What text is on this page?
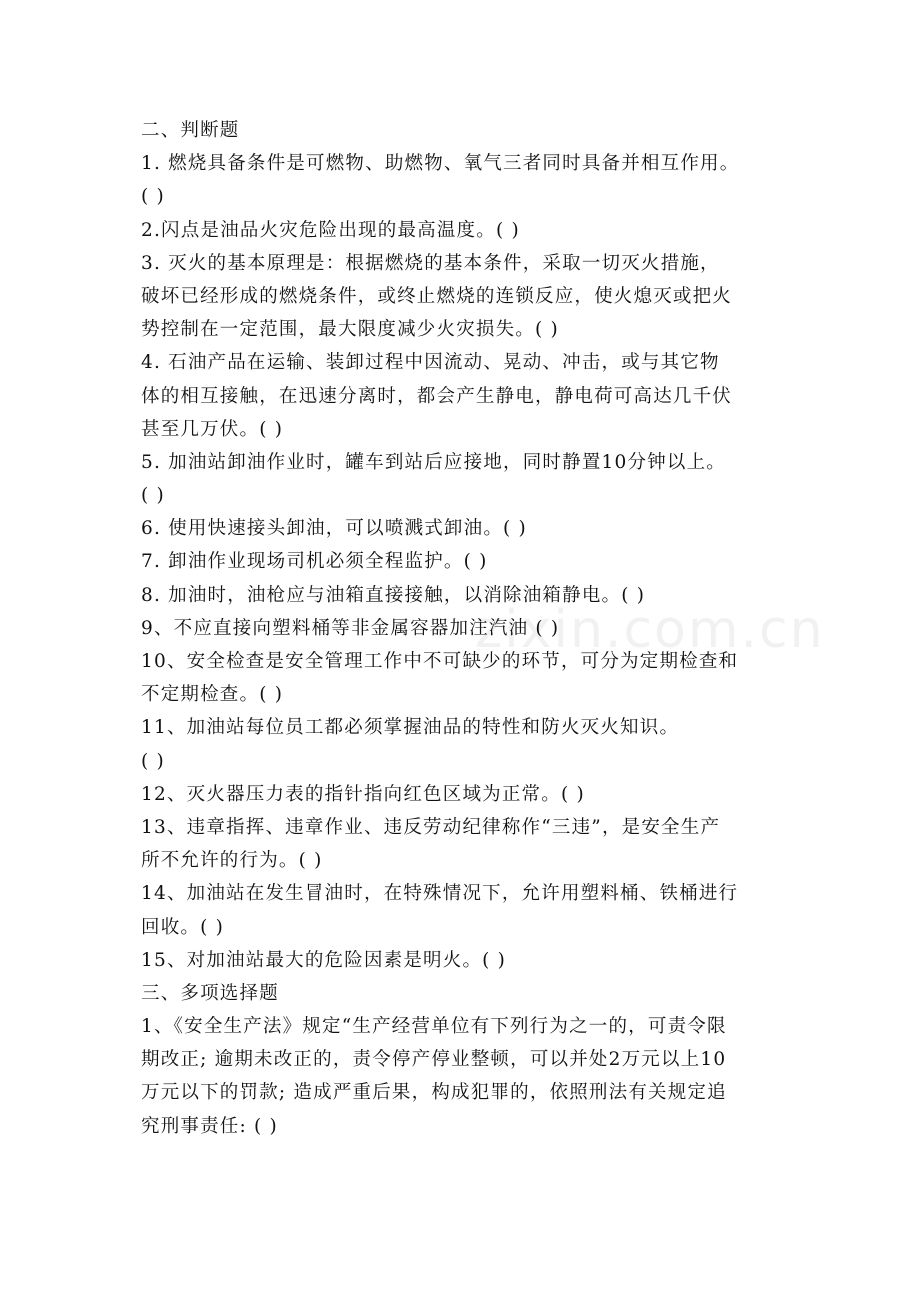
zixin.com.cn
二、判断题
1. 燃烧具备条件是可燃物、助燃物、氧气三者同时具备并相互作用。
( )
2.闪点是油品火灾危险出现的最高温度。( )
3. 灭火的基本原理是：根据燃烧的基本条件，采取一切灭火措施，
破坏已经形成的燃烧条件，或终止燃烧的连锁反应，使火熄灭或把火
势控制在一定范围，最大限度减少火灾损失。( )
4. 石油产品在运输、装卸过程中因流动、晃动、冲击，或与其它物
体的相互接触，在迅速分离时，都会产生静电，静电荷可高达几千伏
甚至几万伏。( )
5. 加油站卸油作业时，罐车到站后应接地，同时静置10分钟以上。
( )
6. 使用快速接头卸油，可以喷溅式卸油。( )
7. 卸油作业现场司机必须全程监护。( )
8. 加油时，油枪应与油箱直接接触，以消除油箱静电。( )
9、不应直接向塑料桶等非金属容器加注汽油 ( )
10、安全检查是安全管理工作中不可缺少的环节，可分为定期检查和
不定期检查。( )
11、加油站每位员工都必须掌握油品的特性和防火灭火知识。
( )
12、灭火器压力表的指针指向红色区域为正常。( )
13、违章指挥、违章作业、违反劳动纪律称作“三违”，是安全生产
所不允许的行为。( )
14、加油站在发生冒油时，在特殊情况下，允许用塑料桶、铁桶进行
回收。( )
15、对加油站最大的危险因素是明火。( )
三、多项选择题
1、《安全生产法》规定“生产经营单位有下列行为之一的，可责令限
期改正; 逾期未改正的，责令停产停业整顿，可以并处2万元以上10
万元以下的罚款; 造成严重后果，构成犯罪的，依照刑法有关规定追
究刑事责任: ( )
